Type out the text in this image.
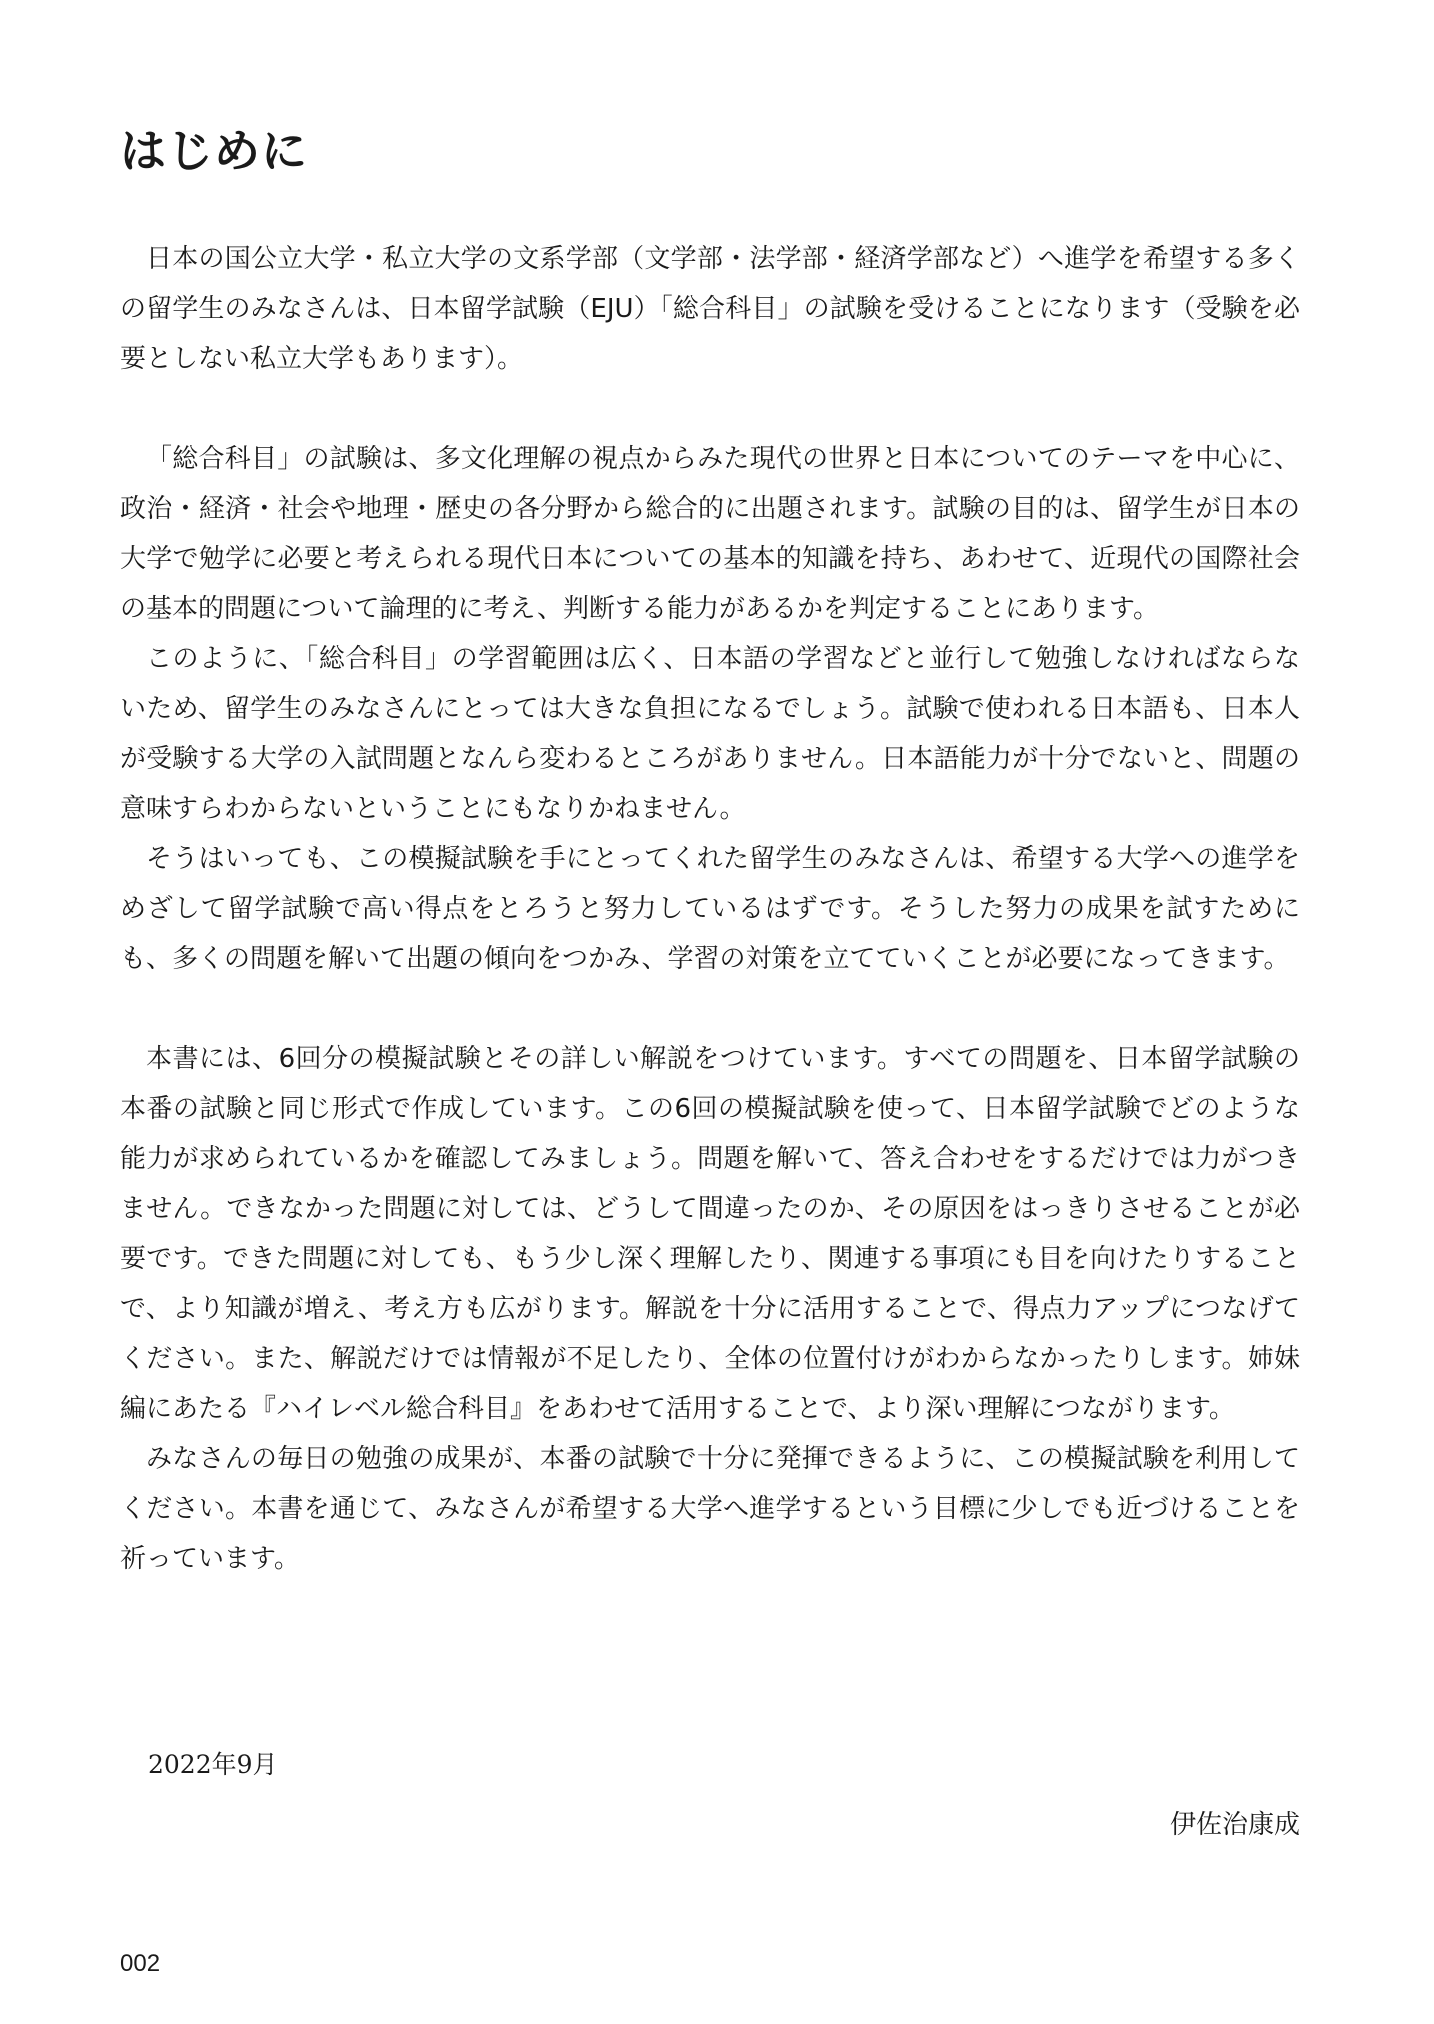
はじめに

日本の国公立大学・私立大学の文系学部（文学部・法学部・経済学部など）へ進学を希望する多くの留学生のみなさんは、日本留学試験（EJU）「総合科目」の試験を受けることになります（受験を必要としない私立大学もあります）。

「総合科目」の試験は、多文化理解の視点からみた現代の世界と日本についてのテーマを中心に、政治・経済・社会や地理・歴史の各分野から総合的に出題されます。試験の目的は、留学生が日本の大学で勉学に必要と考えられる現代日本についての基本的知識を持ち、あわせて、近現代の国際社会の基本的問題について論理的に考え、判断する能力があるかを判定することにあります。

このように、「総合科目」の学習範囲は広く、日本語の学習などと並行して勉強しなければならないため、留学生のみなさんにとっては大きな負担になるでしょう。試験で使われる日本語も、日本人が受験する大学の入試問題となんら変わるところがありません。日本語能力が十分でないと、問題の意味すらわからないということにもなりかねません。

そうはいっても、この模擬試験を手にとってくれた留学生のみなさんは、希望する大学への進学をめざして留学試験で高い得点をとろうと努力しているはずです。そうした努力の成果を試すためにも、多くの問題を解いて出題の傾向をつかみ、学習の対策を立てていくことが必要になってきます。

本書には、6回分の模擬試験とその詳しい解説をつけています。すべての問題を、日本留学試験の本番の試験と同じ形式で作成しています。この6回の模擬試験を使って、日本留学試験でどのような能力が求められているかを確認してみましょう。問題を解いて、答え合わせをするだけでは力がつきません。できなかった問題に対しては、どうして間違ったのか、その原因をはっきりさせることが必要です。できた問題に対しても、もう少し深く理解したり、関連する事項にも目を向けたりすることで、より知識が増え、考え方も広がります。解説を十分に活用することで、得点力アップにつなげてください。また、解説だけでは情報が不足したり、全体の位置付けがわからなかったりします。姉妹編にあたる『ハイレベル総合科目』をあわせて活用することで、より深い理解につながります。

みなさんの毎日の勉強の成果が、本番の試験で十分に発揮できるように、この模擬試験を利用してください。本書を通じて、みなさんが希望する大学へ進学するという目標に少しでも近づけることを祈っています。

2022年9月
伊佐治康成
002
